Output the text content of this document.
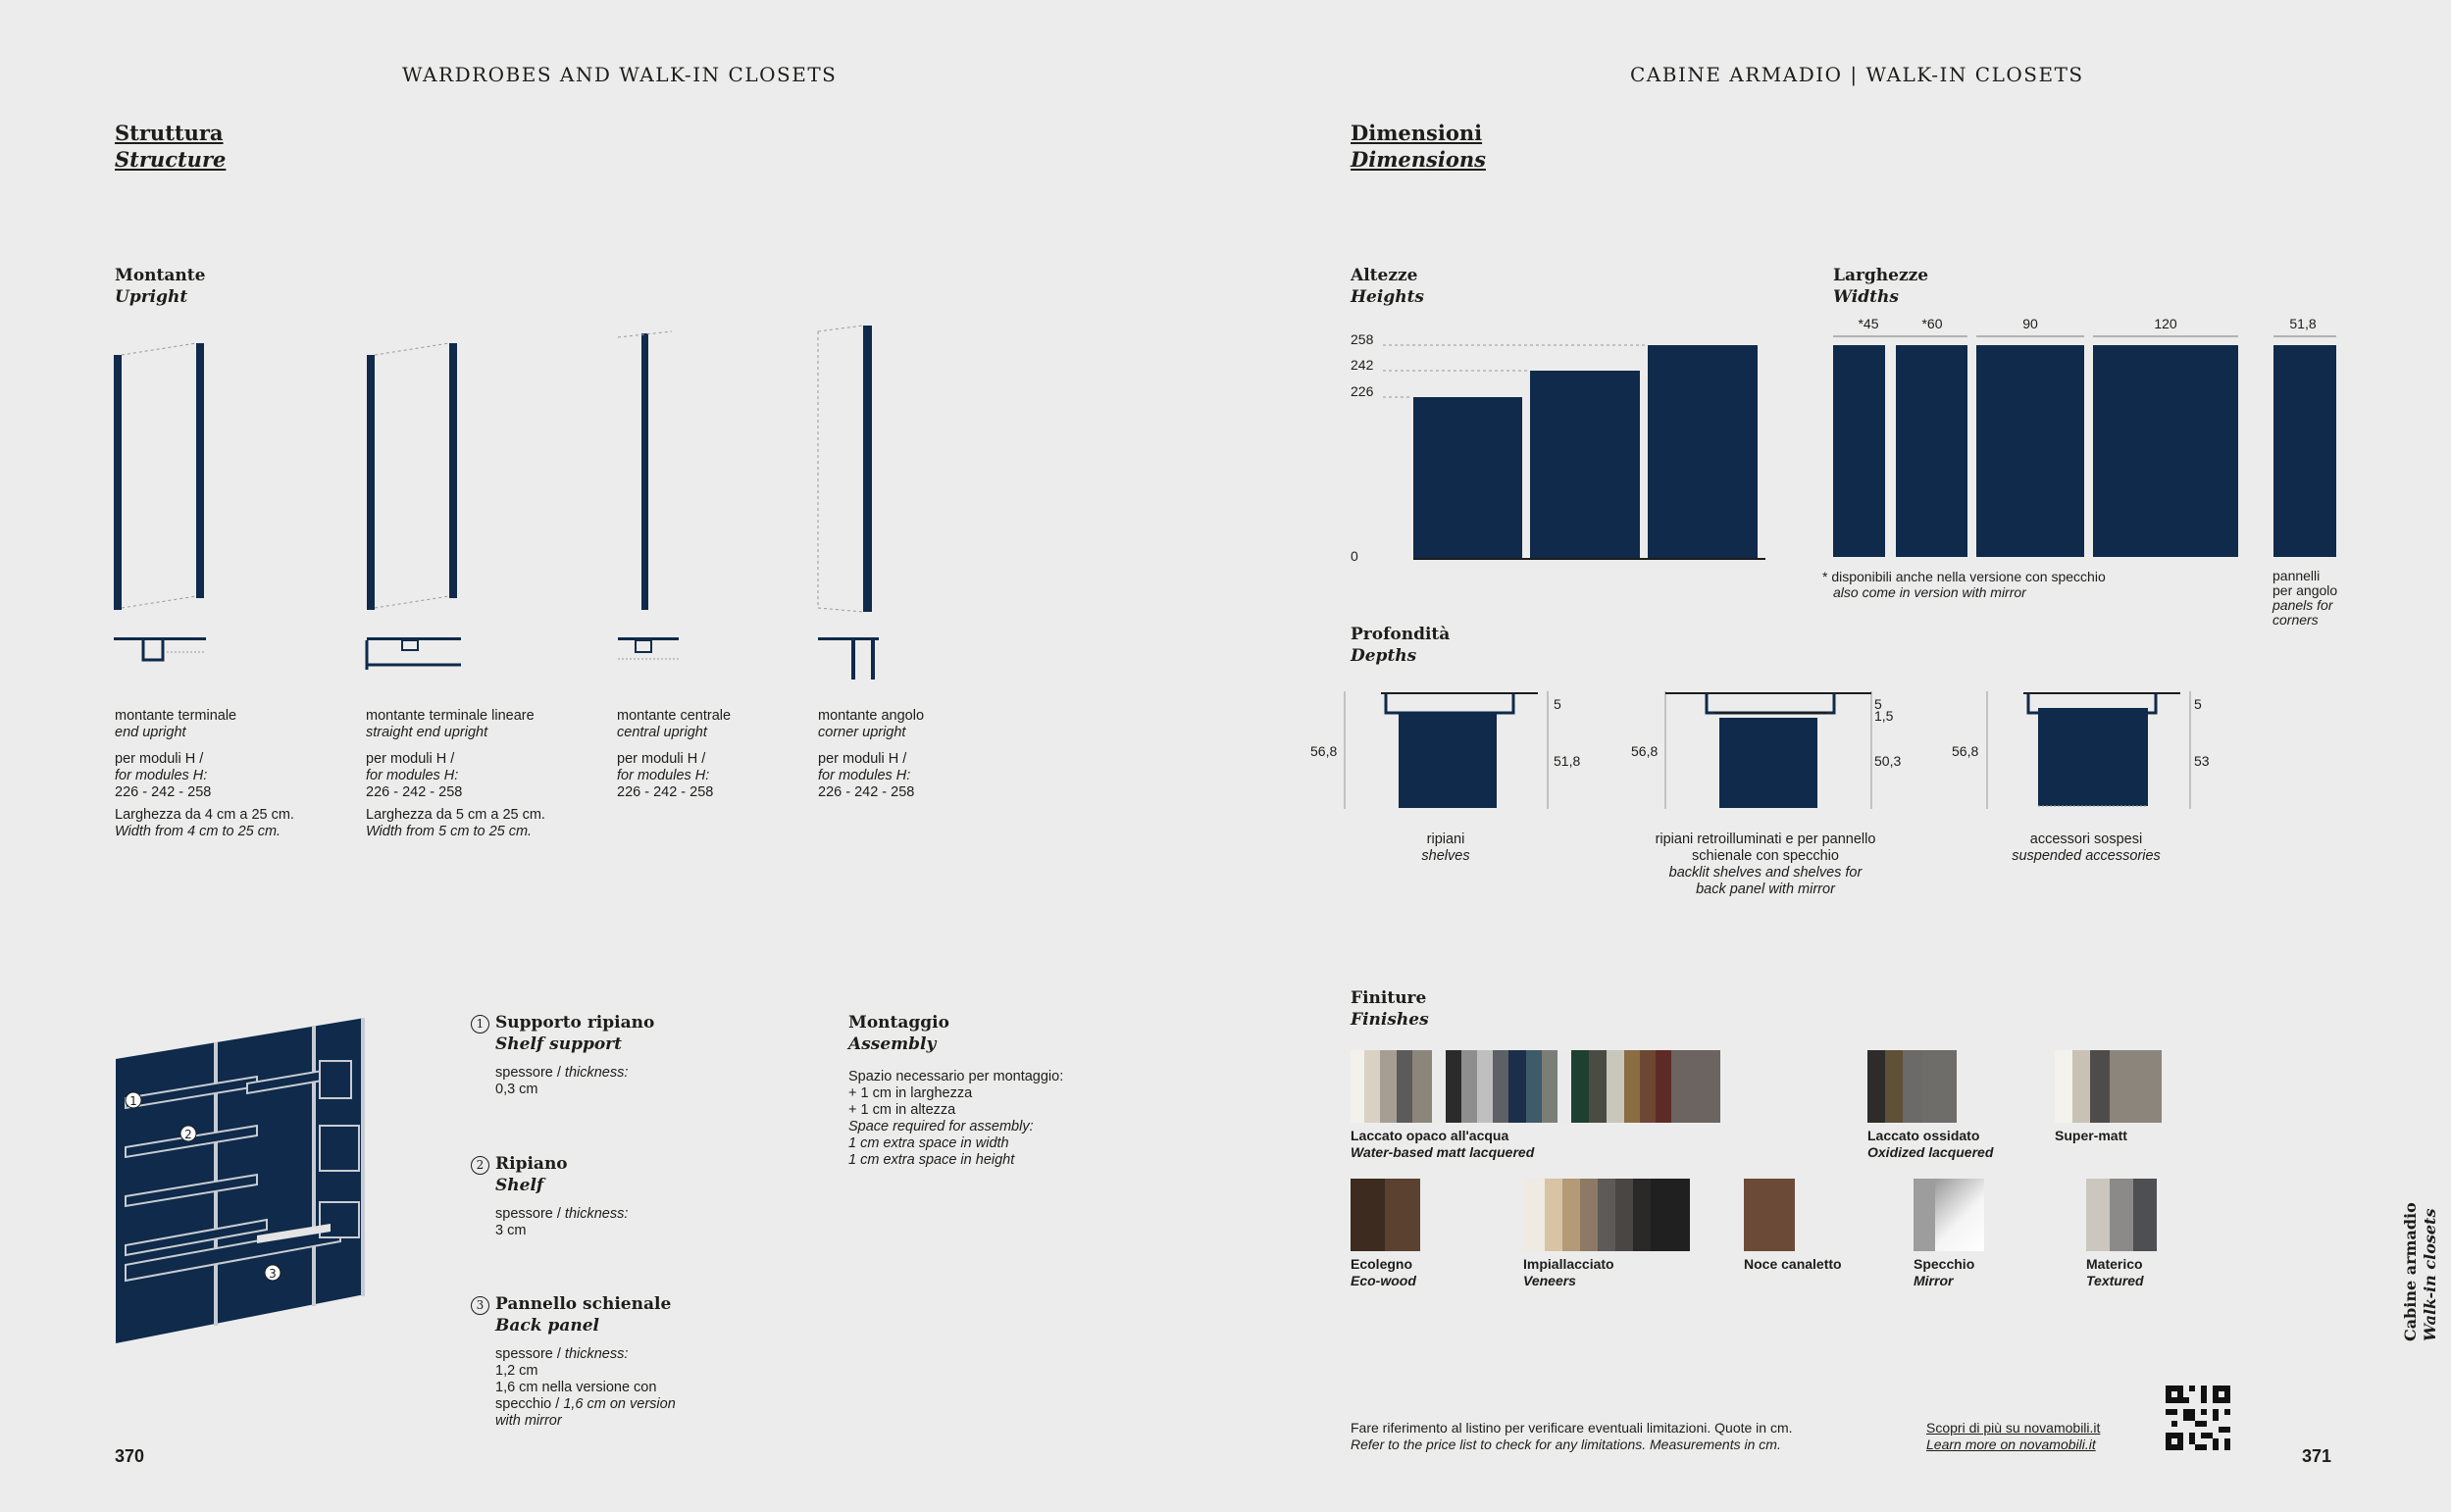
WARDROBES AND WALK-IN CLOSETS
Struttura
Structure
Montante
Upright
montante terminale
end upright
per moduli H /
for modules H:
226 - 242 - 258
Larghezza da 4 cm a 25 cm.
Width from 4 cm to 25 cm.
montante terminale lineare
straight end upright
per moduli H /
for modules H:
226 - 242 - 258
Larghezza da 5 cm a 25 cm.
Width from 5 cm to 25 cm.
montante centrale
central upright
per moduli H /
for modules H:
226 - 242 - 258
montante angolo
corner upright
per moduli H /
for modules H:
226 - 242 - 258
1
2
3
1 Supporto ripiano
Shelf support
spessore / thickness:
0,3 cm
2 Ripiano
Shelf
spessore / thickness:
3 cm
3 Pannello schienale
Back panel
spessore / thickness:
1,2 cm
1,6 cm nella versione con specchio / 1,6 cm on version with mirror
Montaggio
Assembly
Spazio necessario per montaggio:
+ 1 cm in larghezza
+ 1 cm in altezza
Space required for assembly:
1 cm extra space in width
1 cm extra space in height
370
CABINE ARMADIO | WALK-IN CLOSETS
Dimensioni
Dimensions
Altezze
Heights
258
242
226
0
Larghezze
Widths
*45	*60	90	120	51,8
* disponibili anche nella versione con specchio
also come in version with mirror
pannelli
per angolo
panels for
corners
Profondità
Depths
56,8
5
51,8
56,8
5
1,5
50,3
56,8
5
53
ripiani
shelves
ripiani retroilluminati e per pannello
schienale con specchio
backlit shelves and shelves for
back panel with mirror
accessori sospesi
suspended accessories
Finiture
Finishes
Laccato opaco all'acqua
Water-based matt lacquered
Laccato ossidato
Oxidized lacquered
Super-matt
Ecolegno
Eco-wood
Impiallacciato
Veneers
Noce canaletto	Specchio
Mirror
Materico
Textured
Fare riferimento al listino per verificare eventuali limitazioni. Quote in cm.
Refer to the price list to check for any limitations. Measurements in cm.
Scopri di più su novamobili.it
Learn more on novamobili.it
371
Cabine armadio Walk-in closets
